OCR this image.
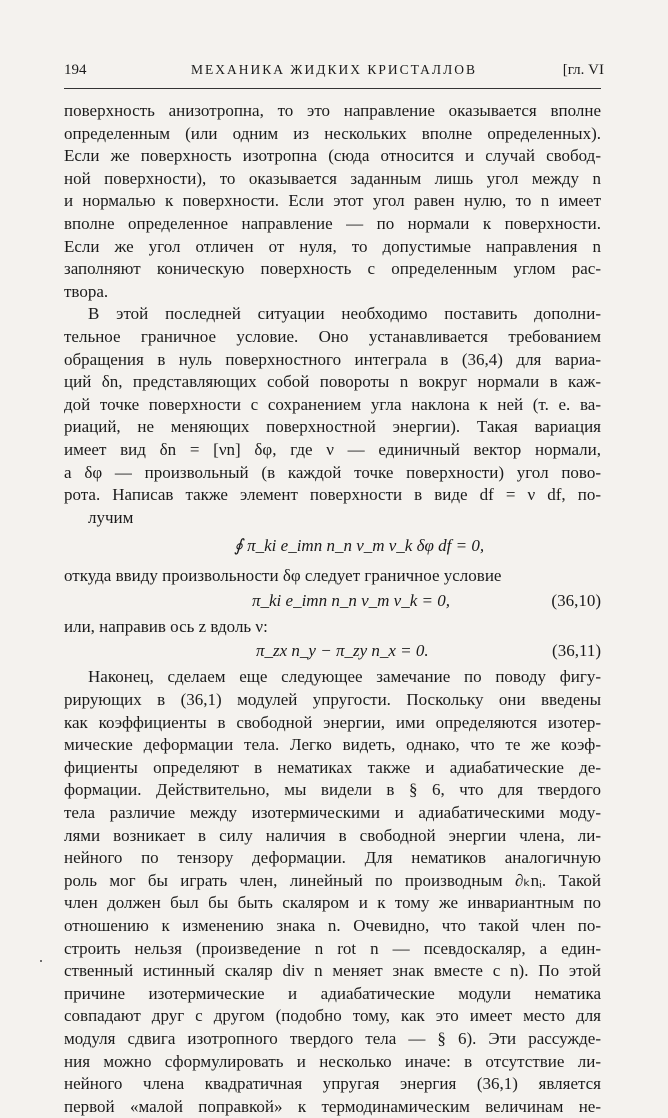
194	МЕХАНИКА ЖИДКИХ КРИСТАЛЛОВ	[гл. VI
поверхность анизотропна, то это направление оказывается вполне
определенным (или одним из нескольких вполне определенных).
Если же поверхность изотропна (сюда относится и случай свобод-
ной поверхности), то оказывается заданным лишь угол между n
и нормалью к поверхности. Если этот угол равен нулю, то n имеет
вполне определенное направление — по нормали к поверхности.
Если же угол отличен от нуля, то допустимые направления n
заполняют коническую поверхность с определенным углом рас-
твора.
В этой последней ситуации необходимо поставить дополни-
тельное граничное условие. Оно устанавливается требованием
обращения в нуль поверхностного интеграла в (36,4) для вариа-
ций δn, представляющих собой повороты n вокруг нормали в каж-
дой точке поверхности с сохранением угла наклона к ней (т. е. ва-
риаций, не меняющих поверхностной энергии). Такая вариация
имеет вид δn = [νn] δφ, где ν — единичный вектор нормали,
а δφ — произвольный (в каждой точке поверхности) угол пово-
рота. Написав также элемент поверхности в виде df = ν df, по-
лучим
∮ π_ki e_imn n_n ν_m ν_k δφ df = 0,
откуда ввиду произвольности δφ следует граничное условие
π_ki e_imn n_n ν_m ν_k = 0,	(36,10)
или, направив ось z вдоль ν:
π_zx n_y − π_zy n_x = 0.	(36,11)
Наконец, сделаем еще следующее замечание по поводу фигу-
рирующих в (36,1) модулей упругости. Поскольку они введены
как коэффициенты в свободной энергии, ими определяются изотер-
мические деформации тела. Легко видеть, однако, что те же коэф-
фициенты определяют в нематиках также и адиабатические де-
формации. Действительно, мы видели в § 6, что для твердого
тела различие между изотермическими и адиабатическими моду-
лями возникает в силу наличия в свободной энергии члена, ли-
нейного по тензору деформации. Для нематиков аналогичную
роль мог бы играть член, линейный по производным ∂ₖnᵢ. Такой
член должен был бы быть скаляром и к тому же инвариантным по
отношению к изменению знака n. Очевидно, что такой член по-
строить нельзя (произведение n rot n — псевдоскаляр, а един-
ственный истинный скаляр div n меняет знак вместе с n). По этой
причине изотермические и адиабатические модули нематика
совпадают друг с другом (подобно тому, как это имеет место для
модуля сдвига изотропного твердого тела — § 6). Эти рассужде-
ния можно сформулировать и несколько иначе: в отсутствие ли-
нейного члена квадратичная упругая энергия (36,1) является
первой «малой поправкой» к термодинамическим величинам не-
